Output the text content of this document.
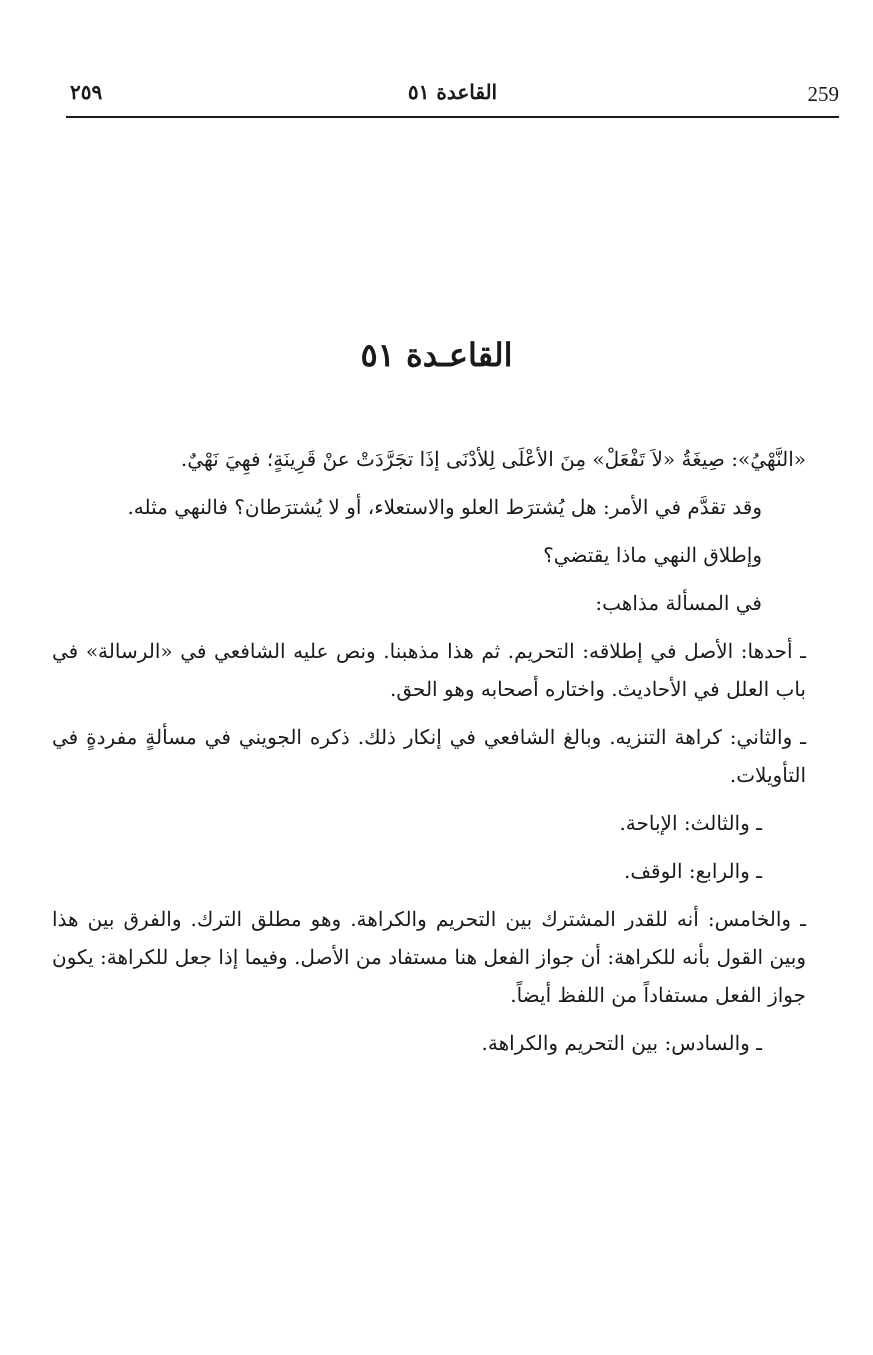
259
القاعدة ٥١
٢٥٩
القاعـدة ٥١

«النَّهْيُ»: صِيغَةُ «لاَ تَفْعَلْ» مِنَ الأعْلَى لِلأدْنَى إذَا تجَرَّدَتْ عنْ قَرِينَةٍ؛ فهِيَ نَهْيٌ.

وقد تقدَّم في الأمر: هل يُشترَط العلو والاستعلاء، أو لا يُشترَطان؟ فالنهي مثله.

وإطلاق النهي ماذا يقتضي؟

في المسألة مذاهب:

ـ أحدها: الأصل في إطلاقه: التحريم. ثم هذا مذهبنا. ونص عليه الشافعي في «الرسالة» في باب العلل في الأحاديث. واختاره أصحابه وهو الحق.

ـ والثاني: كراهة التنزيه. وبالغ الشافعي في إنكار ذلك. ذكره الجويني في مسألةٍ مفردةٍ في التأويلات.

ـ والثالث: الإباحة.

ـ والرابع: الوقف.

ـ والخامس: أنه للقدر المشترك بين التحريم والكراهة. وهو مطلق الترك. والفرق بين هذا وبين القول بأنه للكراهة: أن جواز الفعل هنا مستفاد من الأصل. وفيما إذا جعل للكراهة: يكون جواز الفعل مستفاداً من اللفظ أيضاً.

ـ والسادس: بين التحريم والكراهة.
